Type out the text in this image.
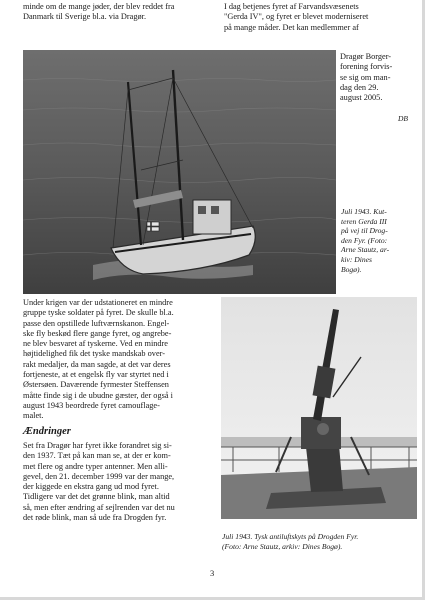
minde om de mange jøder, der blev reddet fra
Danmark til Sverige bl.a. via Dragør.
I dag betjenes fyret af Farvandsvæsenets
"Gerda IV", og fyret er blevet moderniseret
på mange måder. Det kan medlemmer af
Dragør Borger-
forening forvis-
se sig om man-
dag den 29.
august 2005.
DB
Juli 1943. Kut-
teren Gerda III
på vej til Drog-
den Fyr. (Foto:
Arne Stautz, ar-
kiv: Dines
Bogø).
Under krigen var der udstationeret en mindre
gruppe tyske soldater på fyret. De skulle bl.a.
passe den opstillede luftværnskanon. Engel-
ske fly beskød flere gange fyret, og angrebe-
ne blev besvaret af tyskerne. Ved en mindre
højtidelighed fik det tyske mandskab over-
rakt medaljer, da man sagde, at det var deres
fortjeneste, at et engelsk fly var styrtet ned i
Østersøen. Daværende fyrmester Steffensen
måtte finde sig i de ubudne gæster, der også i
august 1943 beordrede fyret camouflage-
malet.
Ændringer
Set fra Dragør har fyret ikke forandret sig si-
den 1937. Tæt på kan man se, at der er kom-
met flere og andre typer antenner. Men alli-
gevel, den 21. december 1999 var der mange,
der kiggede en ekstra gang ud mod fyret.
Tidligere var det det grønne blink, man altid
så, men efter ændring af sejlrenden var det nu
det røde blink, man så ude fra Drogden fyr.
Juli 1943. Tysk antiluftskyts på Drogden Fyr.
(Foto: Arne Stautz, arkiv: Dines Bogø).
3
